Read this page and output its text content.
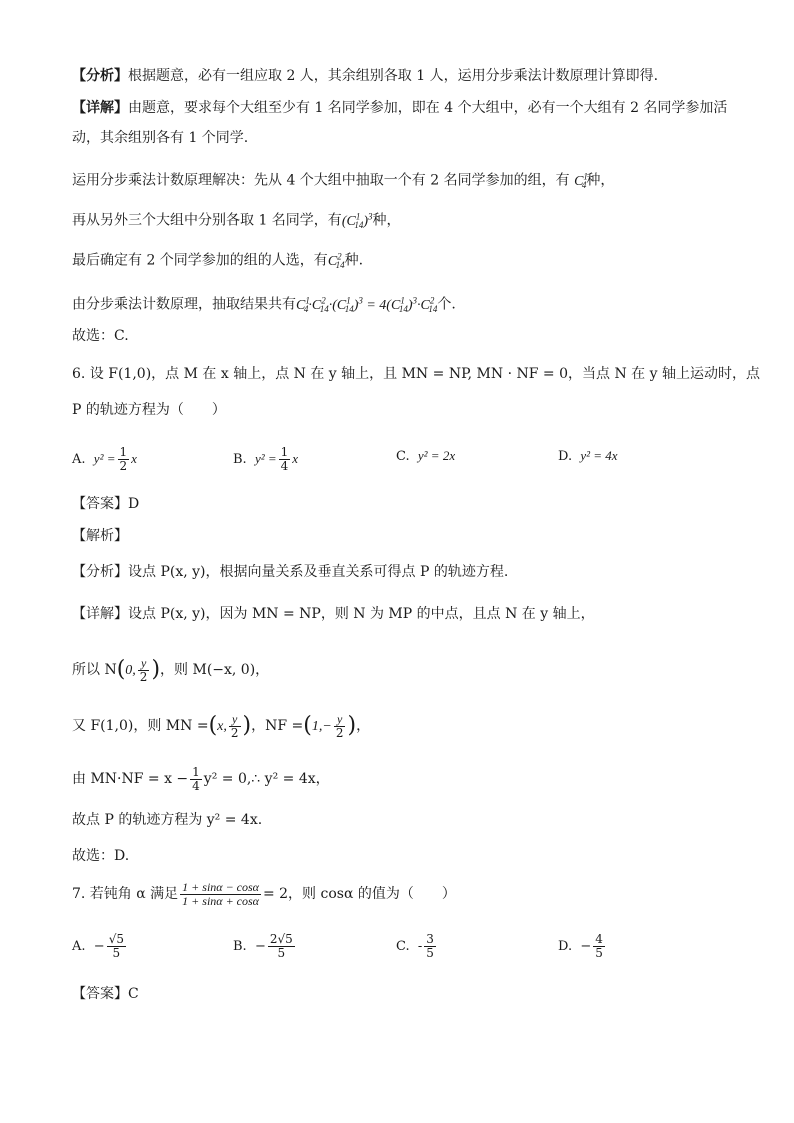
【分析】根据题意，必有一组应取 2 人，其余组别各取 1 人，运用分步乘法计数原理计算即得.
【详解】由题意，要求每个大组至少有 1 名同学参加，即在 4 个大组中，必有一个大组有 2 名同学参加活
动，其余组别各有 1 个同学.
运用分步乘法计数原理解决：先从 4 个大组中抽取一个有 2 名同学参加的组，有 $C^1_4$种，
再从另外三个大组中分别各取 1 名同学，有$(C^1_{14})^3$种，
最后确定有 2 个同学参加的组的人选，有$C^2_{14}$种.
由分步乘法计数原理，抽取结果共有$C^1_4\cdot C^2_{14}\cdot(C^1_{14})^3 = 4(C^1_{14})^3\cdot C^2_{14}$个.
故选：C.
6. 设 F(1,0)，点 M 在 x 轴上，点 N 在 y 轴上，且 MN = NP, MN · NF = 0，当点 N 在 y 轴上运动时，点
P 的轨迹方程为（　　）
A. $y^2 = \frac{1}{2}$ x	B. $y^2 = \frac{1}{4}$ x	C. y² = 2x	D. y² = 4x
【答案】D
【解析】
【分析】设点 P(x, y)，根据向量关系及垂直关系可得点 P 的轨迹方程.
【详解】设点 P(x, y)，因为 MN = NP，则 N 为 MP 的中点，且点 N 在 y 轴上，
所以 N(0, $\frac{y}{2}$ )，则 M(−x, 0)，
又 F(1,0)，则 MN =(x, $\frac{y}{2}$ )，NF $=(1,- \frac{y}{2}$ )，
由 $MN\cdot NF = x - \frac{1}{4} y^2$ = 0,∴ y² = 4x，
故点 P 的轨迹方程为 y² = 4x.
故选：D.
7. 若钝角 α 满足 $\frac{1 + \sin\alpha - \cos\alpha}{1 + \sin\alpha + \cos\alpha} = 2$，则 cosα 的值为（　　）
A. − $\frac{√5}{5}$	B. − $\frac{2√5}{5}$	C. - $\frac{3}{5}$	D. − $\frac{4}{5}$
【答案】C
